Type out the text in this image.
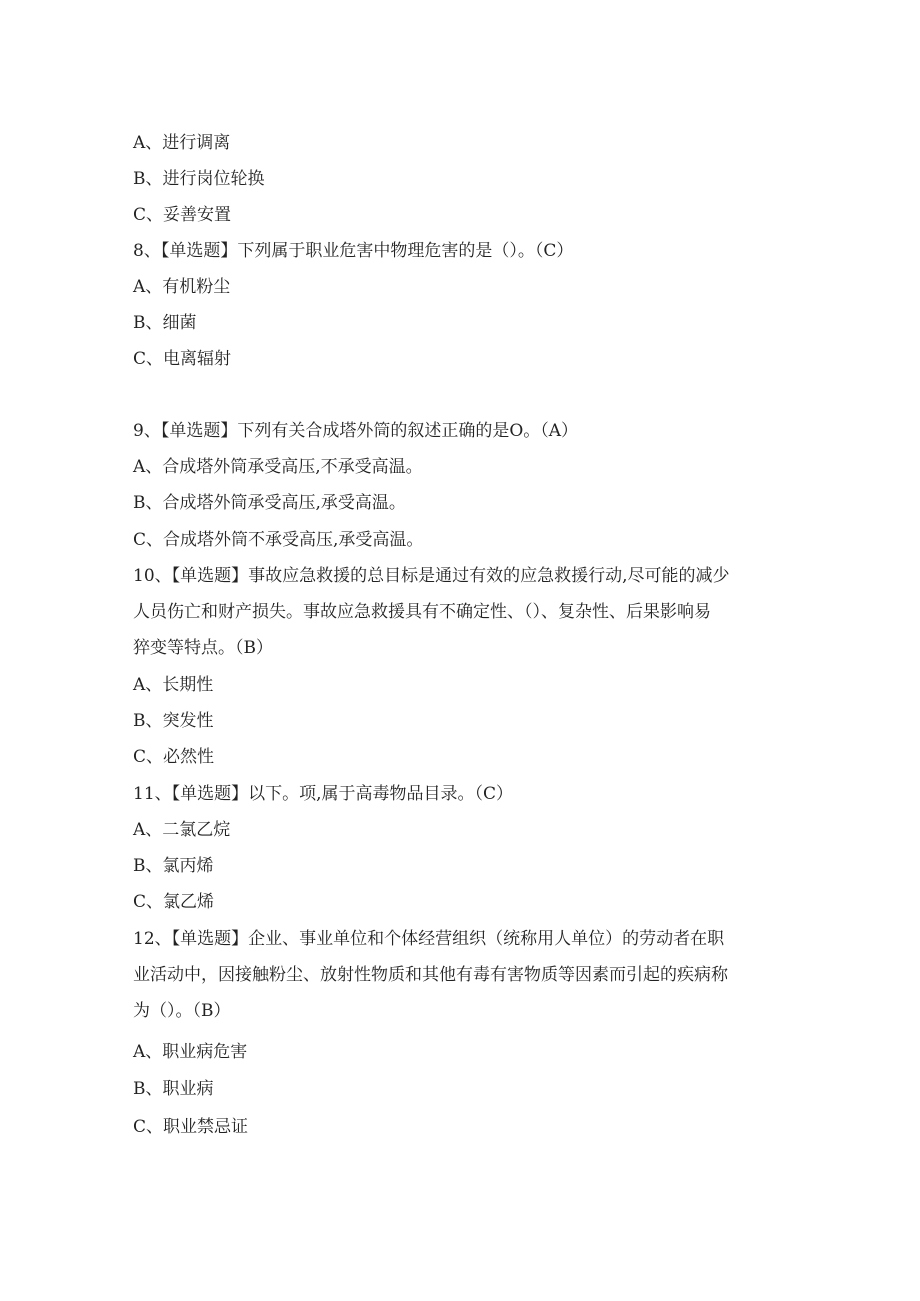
A、进行调离
B、进行岗位轮换
C、妥善安置
8、【单选题】下列属于职业危害中物理危害的是（）。（C）
A、有机粉尘
B、细菌
C、电离辐射
9、【单选题】下列有关合成塔外筒的叙述正确的是O。（A）
A、合成塔外筒承受高压,不承受高温。
B、合成塔外筒承受高压,承受高温。
C、合成塔外筒不承受高压,承受高温。
10、【单选题】事故应急救援的总目标是通过有效的应急救援行动,尽可能的减少
人员伤亡和财产损失。事故应急救援具有不确定性、（）、复杂性、后果影响易
猝变等特点。（B）
A、长期性
B、突发性
C、必然性
11、【单选题】以下。项,属于高毒物品目录。（C）
A、二氯乙烷
B、氯丙烯
C、氯乙烯
12、【单选题】企业、事业单位和个体经营组织（统称用人单位）的劳动者在职
业活动中，因接触粉尘、放射性物质和其他有毒有害物质等因素而引起的疾病称
为（）。（B）
A、职业病危害
B、职业病
C、职业禁忌证
